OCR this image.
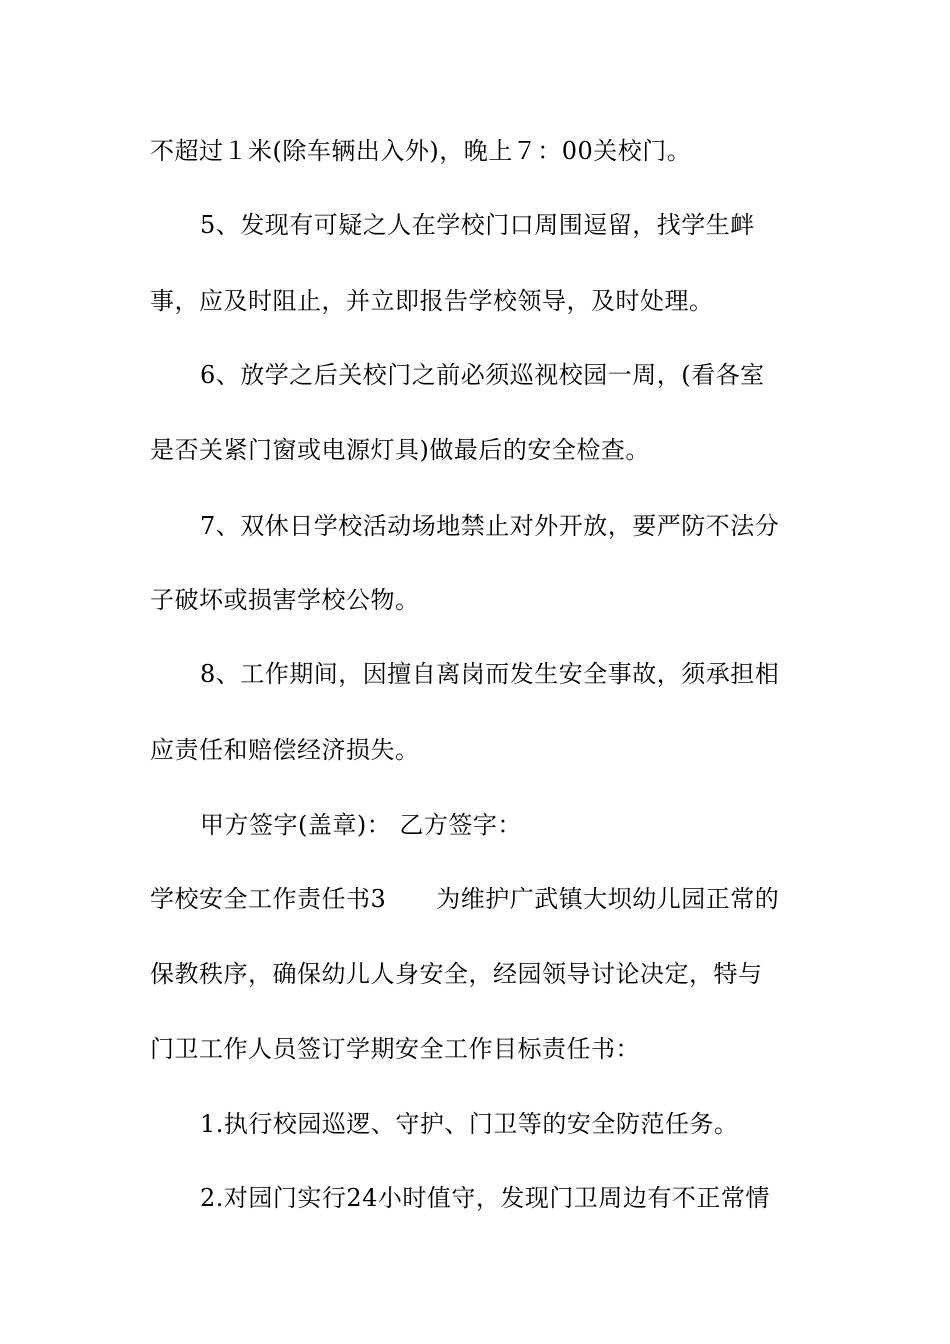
不超过１米(除车辆出入外)，晚上７：00关校门。
5、发现有可疑之人在学校门口周围逗留，找学生衅
事，应及时阻止，并立即报告学校领导，及时处理。
6、放学之后关校门之前必须巡视校园一周，(看各室
是否关紧门窗或电源灯具)做最后的安全检查。
7、双休日学校活动场地禁止对外开放，要严防不法分
子破坏或损害学校公物。
8、工作期间，因擅自离岗而发生安全事故，须承担相
应责任和赔偿经济损失。
甲方签字(盖章)： 乙方签字：
学校安全工作责任书3 为维护广武镇大坝幼儿园正常的
保教秩序，确保幼儿人身安全，经园领导讨论决定，特与
门卫工作人员签订学期安全工作目标责任书：
1.执行校园巡逻、守护、门卫等的安全防范任务。
2.对园门实行24小时值守，发现门卫周边有不正常情
